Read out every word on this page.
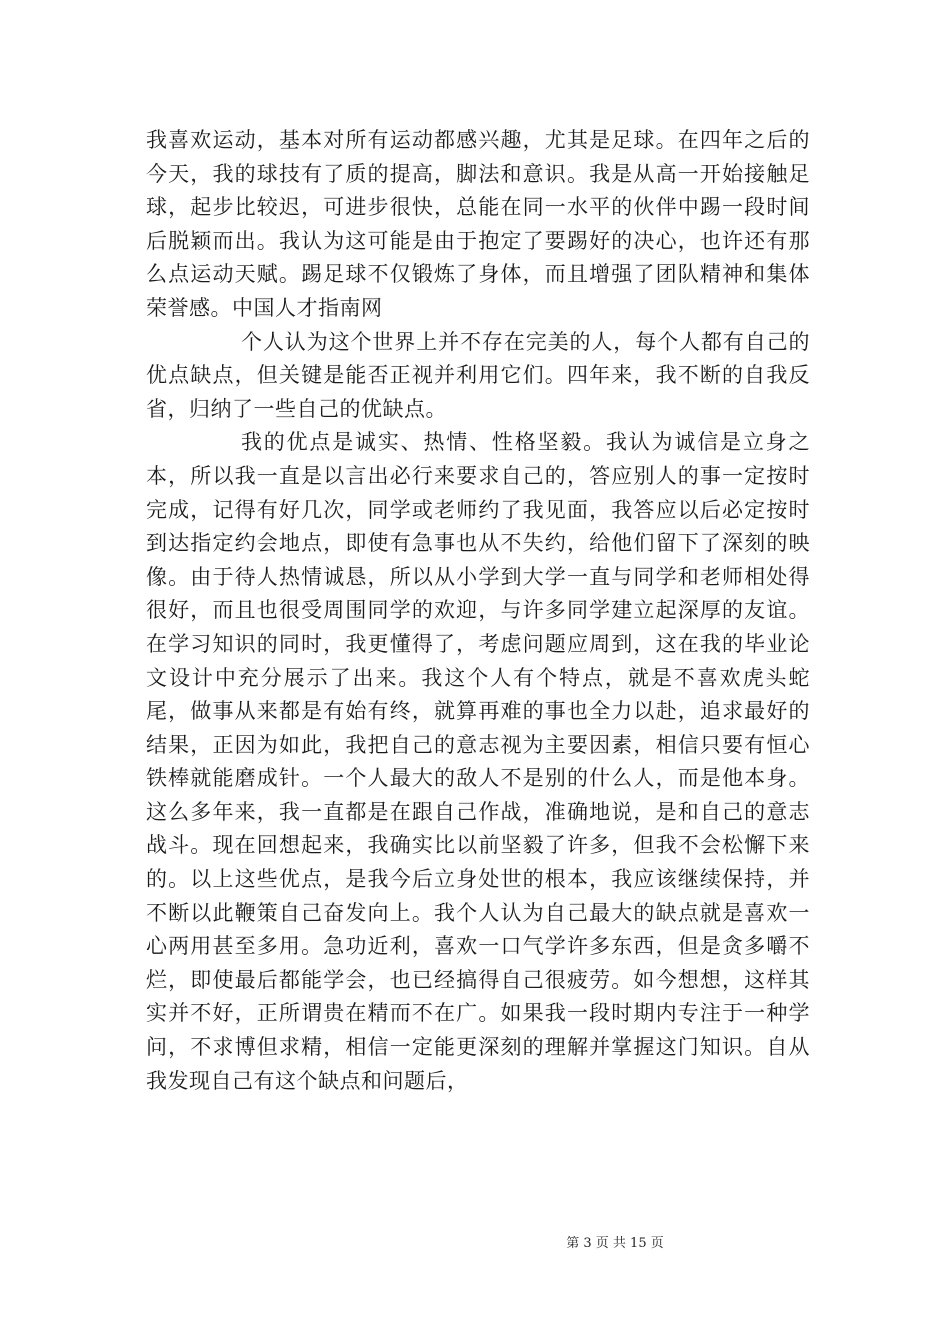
我喜欢运动，基本对所有运动都感兴趣，尤其是足球。在四年之后的今天，我的球技有了质的提高，脚法和意识。我是从高一开始接触足球，起步比较迟，可进步很快，总能在同一水平的伙伴中踢一段时间后脱颖而出。我认为这可能是由于抱定了要踢好的决心，也许还有那么点运动天赋。踢足球不仅锻炼了身体，而且增强了团队精神和集体荣誉感。中国人才指南网

个人认为这个世界上并不存在完美的人，每个人都有自己的优点缺点，但关键是能否正视并利用它们。四年来，我不断的自我反省，归纳了一些自己的优缺点。

我的优点是诚实、热情、性格坚毅。我认为诚信是立身之本，所以我一直是以言出必行来要求自己的，答应别人的事一定按时完成，记得有好几次，同学或老师约了我见面，我答应以后必定按时到达指定约会地点，即使有急事也从不失约，给他们留下了深刻的映像。由于待人热情诚恳，所以从小学到大学一直与同学和老师相处得很好，而且也很受周围同学的欢迎，与许多同学建立起深厚的友谊。在学习知识的同时，我更懂得了，考虑问题应周到，这在我的毕业论文设计中充分展示了出来。我这个人有个特点，就是不喜欢虎头蛇尾，做事从来都是有始有终，就算再难的事也全力以赴，追求最好的结果，正因为如此，我把自己的意志视为主要因素，相信只要有恒心铁棒就能磨成针。一个人最大的敌人不是别的什么人，而是他本身。这么多年来，我一直都是在跟自己作战，准确地说，是和自己的意志战斗。现在回想起来，我确实比以前坚毅了许多，但我不会松懈下来的。以上这些优点，是我今后立身处世的根本，我应该继续保持，并不断以此鞭策自己奋发向上。我个人认为自己最大的缺点就是喜欢一心两用甚至多用。急功近利，喜欢一口气学许多东西，但是贪多嚼不烂，即使最后都能学会，也已经搞得自己很疲劳。如今想想，这样其实并不好，正所谓贵在精而不在广。如果我一段时期内专注于一种学问，不求博但求精，相信一定能更深刻的理解并掌握这门知识。自从我发现自己有这个缺点和问题后，

第 3 页 共 15 页
